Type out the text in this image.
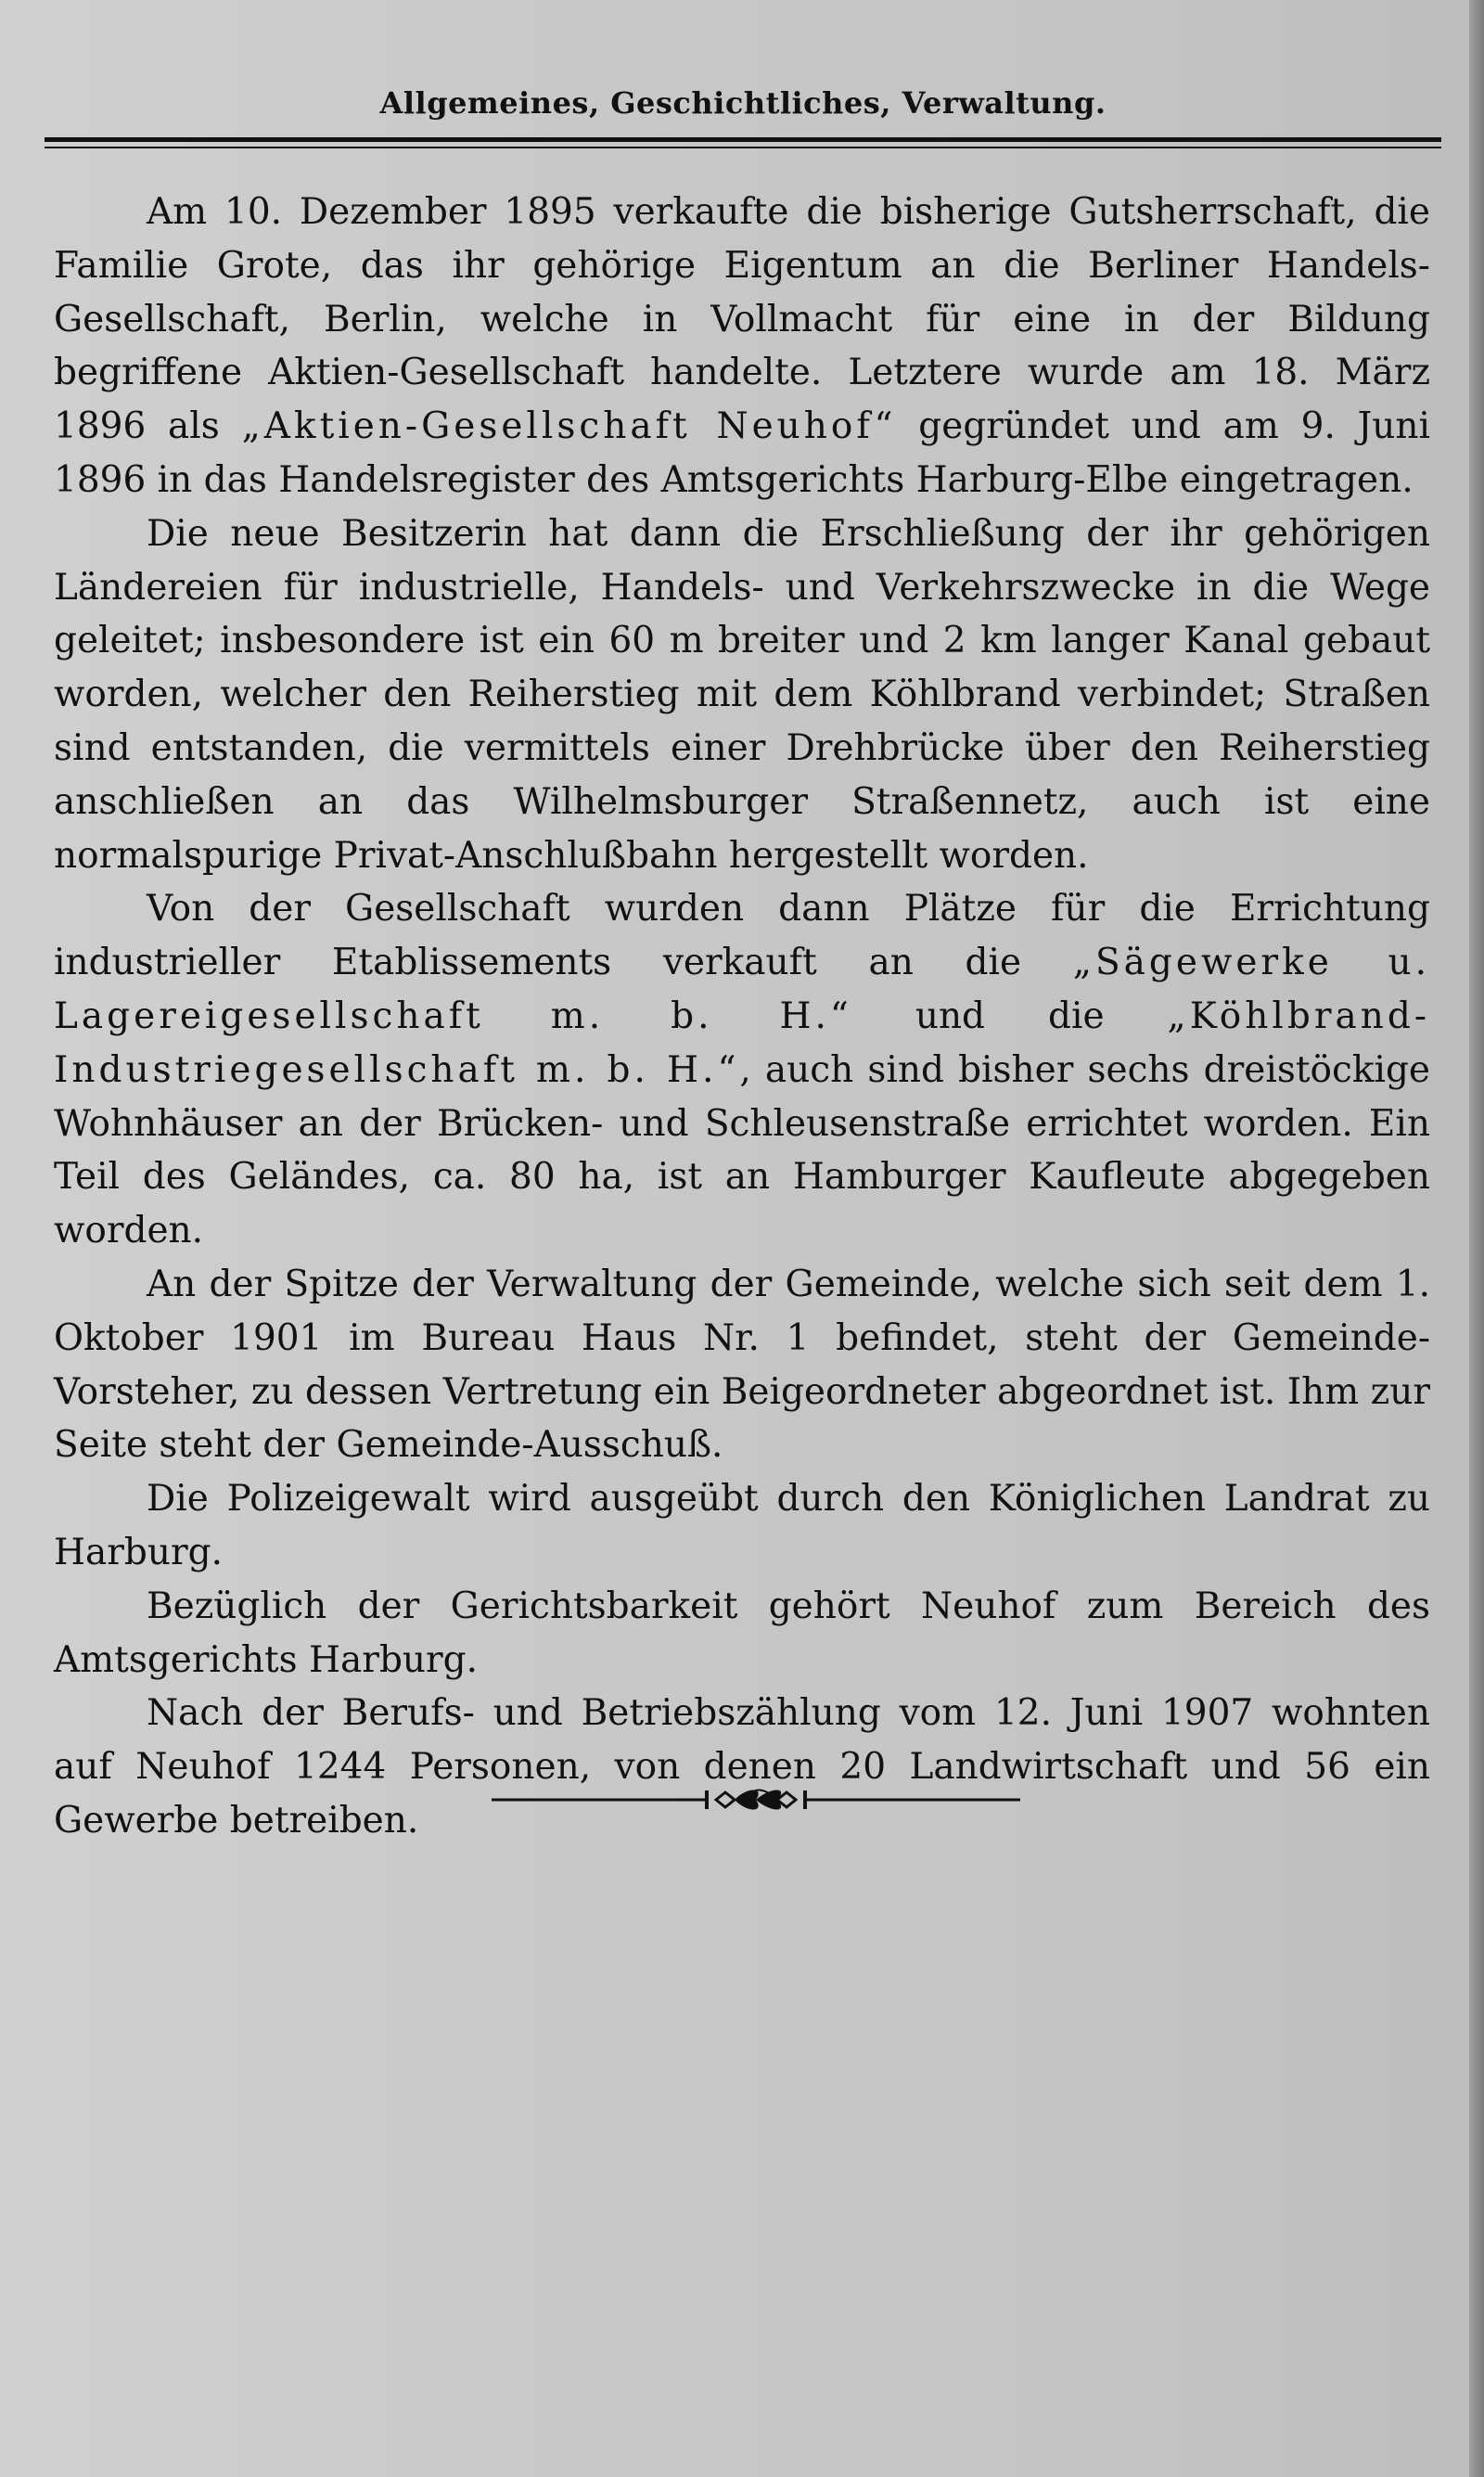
Allgemeines, Geschichtliches, Verwaltung.

Am 10. Dezember 1895 verkaufte die bisherige Gutsherrschaft, die Familie Grote, das ihr gehörige Eigentum an die Berliner Handels-Gesellschaft, Berlin, welche in Vollmacht für eine in der Bildung begriffene Aktien-Gesellschaft handelte. Letztere wurde am 18. März 1896 als „Aktien-Gesellschaft Neuhof“ gegründet und am 9. Juni 1896 in das Handelsregister des Amtsgerichts Harburg-Elbe eingetragen.

Die neue Besitzerin hat dann die Erschließung der ihr gehörigen Ländereien für industrielle, Handels- und Verkehrszwecke in die Wege geleitet; insbesondere ist ein 60 m breiter und 2 km langer Kanal gebaut worden, welcher den Reiherstieg mit dem Köhlbrand verbindet; Straßen sind entstanden, die vermittels einer Drehbrücke über den Reiherstieg anschließen an das Wilhelmsburger Straßennetz, auch ist eine normalspurige Privat-Anschlußbahn hergestellt worden.

Von der Gesellschaft wurden dann Plätze für die Errichtung industrieller Etablissements verkauft an die „Sägewerke u. Lagereigesellschaft m. b. H.“ und die „Köhlbrand-Industriegesellschaft m. b. H.“, auch sind bisher sechs dreistöckige Wohnhäuser an der Brücken- und Schleusenstraße errichtet worden. Ein Teil des Geländes, ca. 80 ha, ist an Hamburger Kaufleute abgegeben worden.

An der Spitze der Verwaltung der Gemeinde, welche sich seit dem 1. Oktober 1901 im Bureau Haus Nr. 1 befindet, steht der Gemeinde-Vorsteher, zu dessen Vertretung ein Beigeordneter abgeordnet ist. Ihm zur Seite steht der Gemeinde-Ausschuß.

Die Polizeigewalt wird ausgeübt durch den Königlichen Landrat zu Harburg.

Bezüglich der Gerichtsbarkeit gehört Neuhof zum Bereich des Amtsgerichts Harburg.

Nach der Berufs- und Betriebszählung vom 12. Juni 1907 wohnten auf Neuhof 1244 Personen, von denen 20 Landwirtschaft und 56 ein Gewerbe betreiben.
